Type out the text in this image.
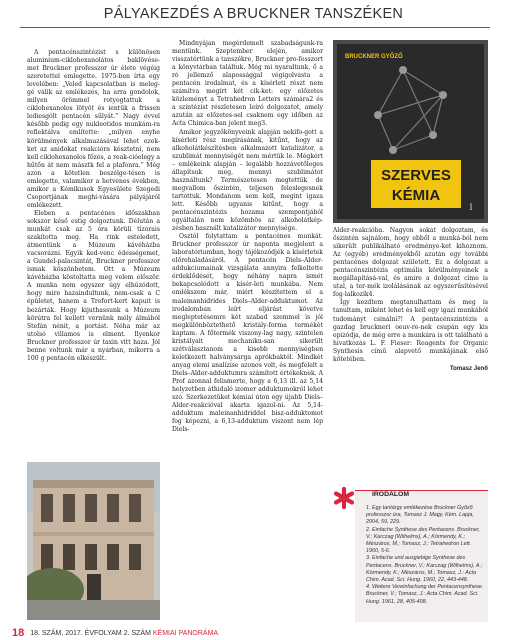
PÁLYAKEZDÉS A BRUCKNER TANSZÉKEN

A pentacénszintézist s különösen aluminium-ciklohexanolátos baklövése-met Bruckner professzor úr élete végéig szeretettel emlegette. 1975-ben írta egy levelében: „Veled kapcsolatban is meleg-gé válik az emlékezés, ha arra gondolok, milyen örömmel rotyogtattuk a ciklohexanolos lötyöt és ientük a frissen lediesgólt pentacén sűlyát.” Nagy évvel később pedig egy nukleotidos munkám-ra reflektálva említette: „milyen enyhe körülmények alkalmazásával lehet ezek-ket az anidokat reakcióra késztetni, nem kell ciklohexanolos főzés, a reak-cióelegy a hűtőn át nem másztk fel a plafonra.” Még azon a kötetlen beszélge-tésen is emlegette, valamikor a hetvenes években, amikor a Kémikusok Egyesülete Szegedi Csoportjának meghí-vására pályájáról emlékezett.

Eleben a pentacénes időszakban sokszor késő estig dolgoztunk. Délután a munkát csak az 5 óra körüli tízórais szakította meg. Ha rink esteledett, átmentünk a Múzeum kávéházba vacsorázni. Egyik ked-venc édességemet, a Gundel-palacsintát, Bruckner professzor ismak köszönhetem. Ott a Múzeum kávéházba köstoltatta meg velem először. A munka nem egyszer úgy elhúzódott, hogy mire hazaindultunk, nem-csak a C épületet, hanem a Trefort-kert kapuit is bezárták. Hogy kijuthassunk a Múzeum körútra fel kellett vernünk mély álmából Stefán nénit, a portást. Néha már az utolsó villamos is elment. Ilyenkor Bruckner professzor úr taxin vitt haza. Jól benne voltunk már a nyárban, mikorra a 100 g pentacén elkészült.

Mindnyájan megérdemelt szabadságunk-ra mentünk. Szeptember elején, amikor visszatértünk a tanszékre, Bruckner pro-fesszort a könyvtárban találtuk. Még mi nyaraltunk, ő a ró jellemző alapossággal végigolvasta a pentacén irodalmat, és a kísérleti részt nem számítva megírt két cik-ket: egy előzetes közleményt a Tetrahedron Letters számára2 és a szintézist részletesen leíró dolgozatot, amely azután az előzetes-sel csaknem egy időben az Acta Chimica-ban jelent meg3.

Amikor jegyzőkönyveink alapján nekifo-gott a kísérleti rész megírásának, kitűnt, hogy az alkoholátkészítésben alkalmazott katalizátor, a szublimát mennyiségét nem mértük le. Mégkért – emlékeink alapján – legalább hozzávetőleges állapítsuk meg, mennyi szublimátot használtunk? Természetesen megtettük de megvallom őszintén, teljesen feleslegesnek tartottuk. Mondanom sem kell, megint igaza lett. Később ugyanis kitűnt, hogy a pentacénszintézis hozama szempontjából egyáltalán nem közömbös az alkoholátkép-zésben használt katalizátor mennyisége.

Osztól folytattam a pentacénes munkát. Bruckner professzor úr naponta megjelent a laboratóriumban, hogy tájékozódjék a kísérletek előrehaladásáról. A pentacén Diels–Alder-addukciumainak vizsgálata annyira felkeltette érdeklődését, hogy néhány napra ismét bekapcsolódott a kísér-leti munkába. Nem emlékszem már, miért készítettem el a maleinanhidrides Diels–Alder-adduktumot. Az irodalomban leírt eljárást követve megleptetésemre két szabad szemmel is jól megkülönböztethető kristály-forma termékét kaptam. A főtermék viszony-lag nagy, szintelen kristályait mechaniku-san sikerült szétválasztanom a kisebb mennyiségben keletkezett halványsárga aprókbaktól. Mindkét anyag elemi analízise azonos volt, és megfelelt a Diels–Alder-adduktumra számított értékeknek. A Prof azonnal felismerte, hogy a 6,13 ill. az 5,14 helyzetben áthidaló izomer adduktumokról lehet szó. Szerkezetüket kémiai úton egy újabb Diels–Alder-reakcióval akarta igazol-ni. Az 5,14-adduktum maleinanhidriddel bisz-adduktomot fog képezni, a 6,13-adduktum viszont nem lép Diels-

BRUCKNER GYŐZŐ
SZERVES
KÉMIA
I

Alder-reakcióba. Nagyon sokat dolgoztam, és őszintén sajnálom, hogy ebből a munká-ból nem sikerült publikálható eredménye-ket kihoznom. Az (egyéb) eredményekből azután egy további pentacénes dolgozat született. Ez a dolgozat a pentacénszintézis optimális körülményeinek a megállapításá-val, és amire a dolgozat címe is utal, a ter-mék izolálásának az egyszerűsítésével fog-lalkozik4.

Így kezdtem megtanulhattam és meg is tanultam, miként lehet és kell egy igazi munkából tudományt csinálni?! A pentacénszintézis a gazdag bruckneri oeuv-re-nek csupán egy kis epizódja, de még erre a munkára is ott található a hivatkozás L. F. Fieser: Reagents for Organic Synthesis című alapvető munkájának első kötetében.

Tomasz Jenő
IRODALOM
1. Egy tantárgy emlékezése Bruckner Győző professzor úra, Tomasz J. Magy. Kém. Lapja, 2004, 59, 229.
2. Einfache Synthese des Pentacens. Bruckner, V.; Karczag (Wilhelms), A.; Körmendy, K.; Mészáros, M.; Tomasz, J.: Tetrahedron Lett. 1960, 5-6.
3. Einfache und ausgiebige Synthese des Pentacens. Bruckner, V.; Karczag (Wilhelms), A.; Körmendy, K.; Mészáros, M.; Tomasz, J.: Acta Chim. Acad. Sci. Hung. 1960, 22, 443-448.
4. Weitere Vereinfachung der Pentacensynthese. Bruckner, V.; Tomasz, J.: Acta Chim. Acad. Sci. Hung. 1961, 28, 405-408.
18 18. SZÁM, 2017. ÉVFOLYAM 2. SZÁM KÉMIAI PANORÁMA
